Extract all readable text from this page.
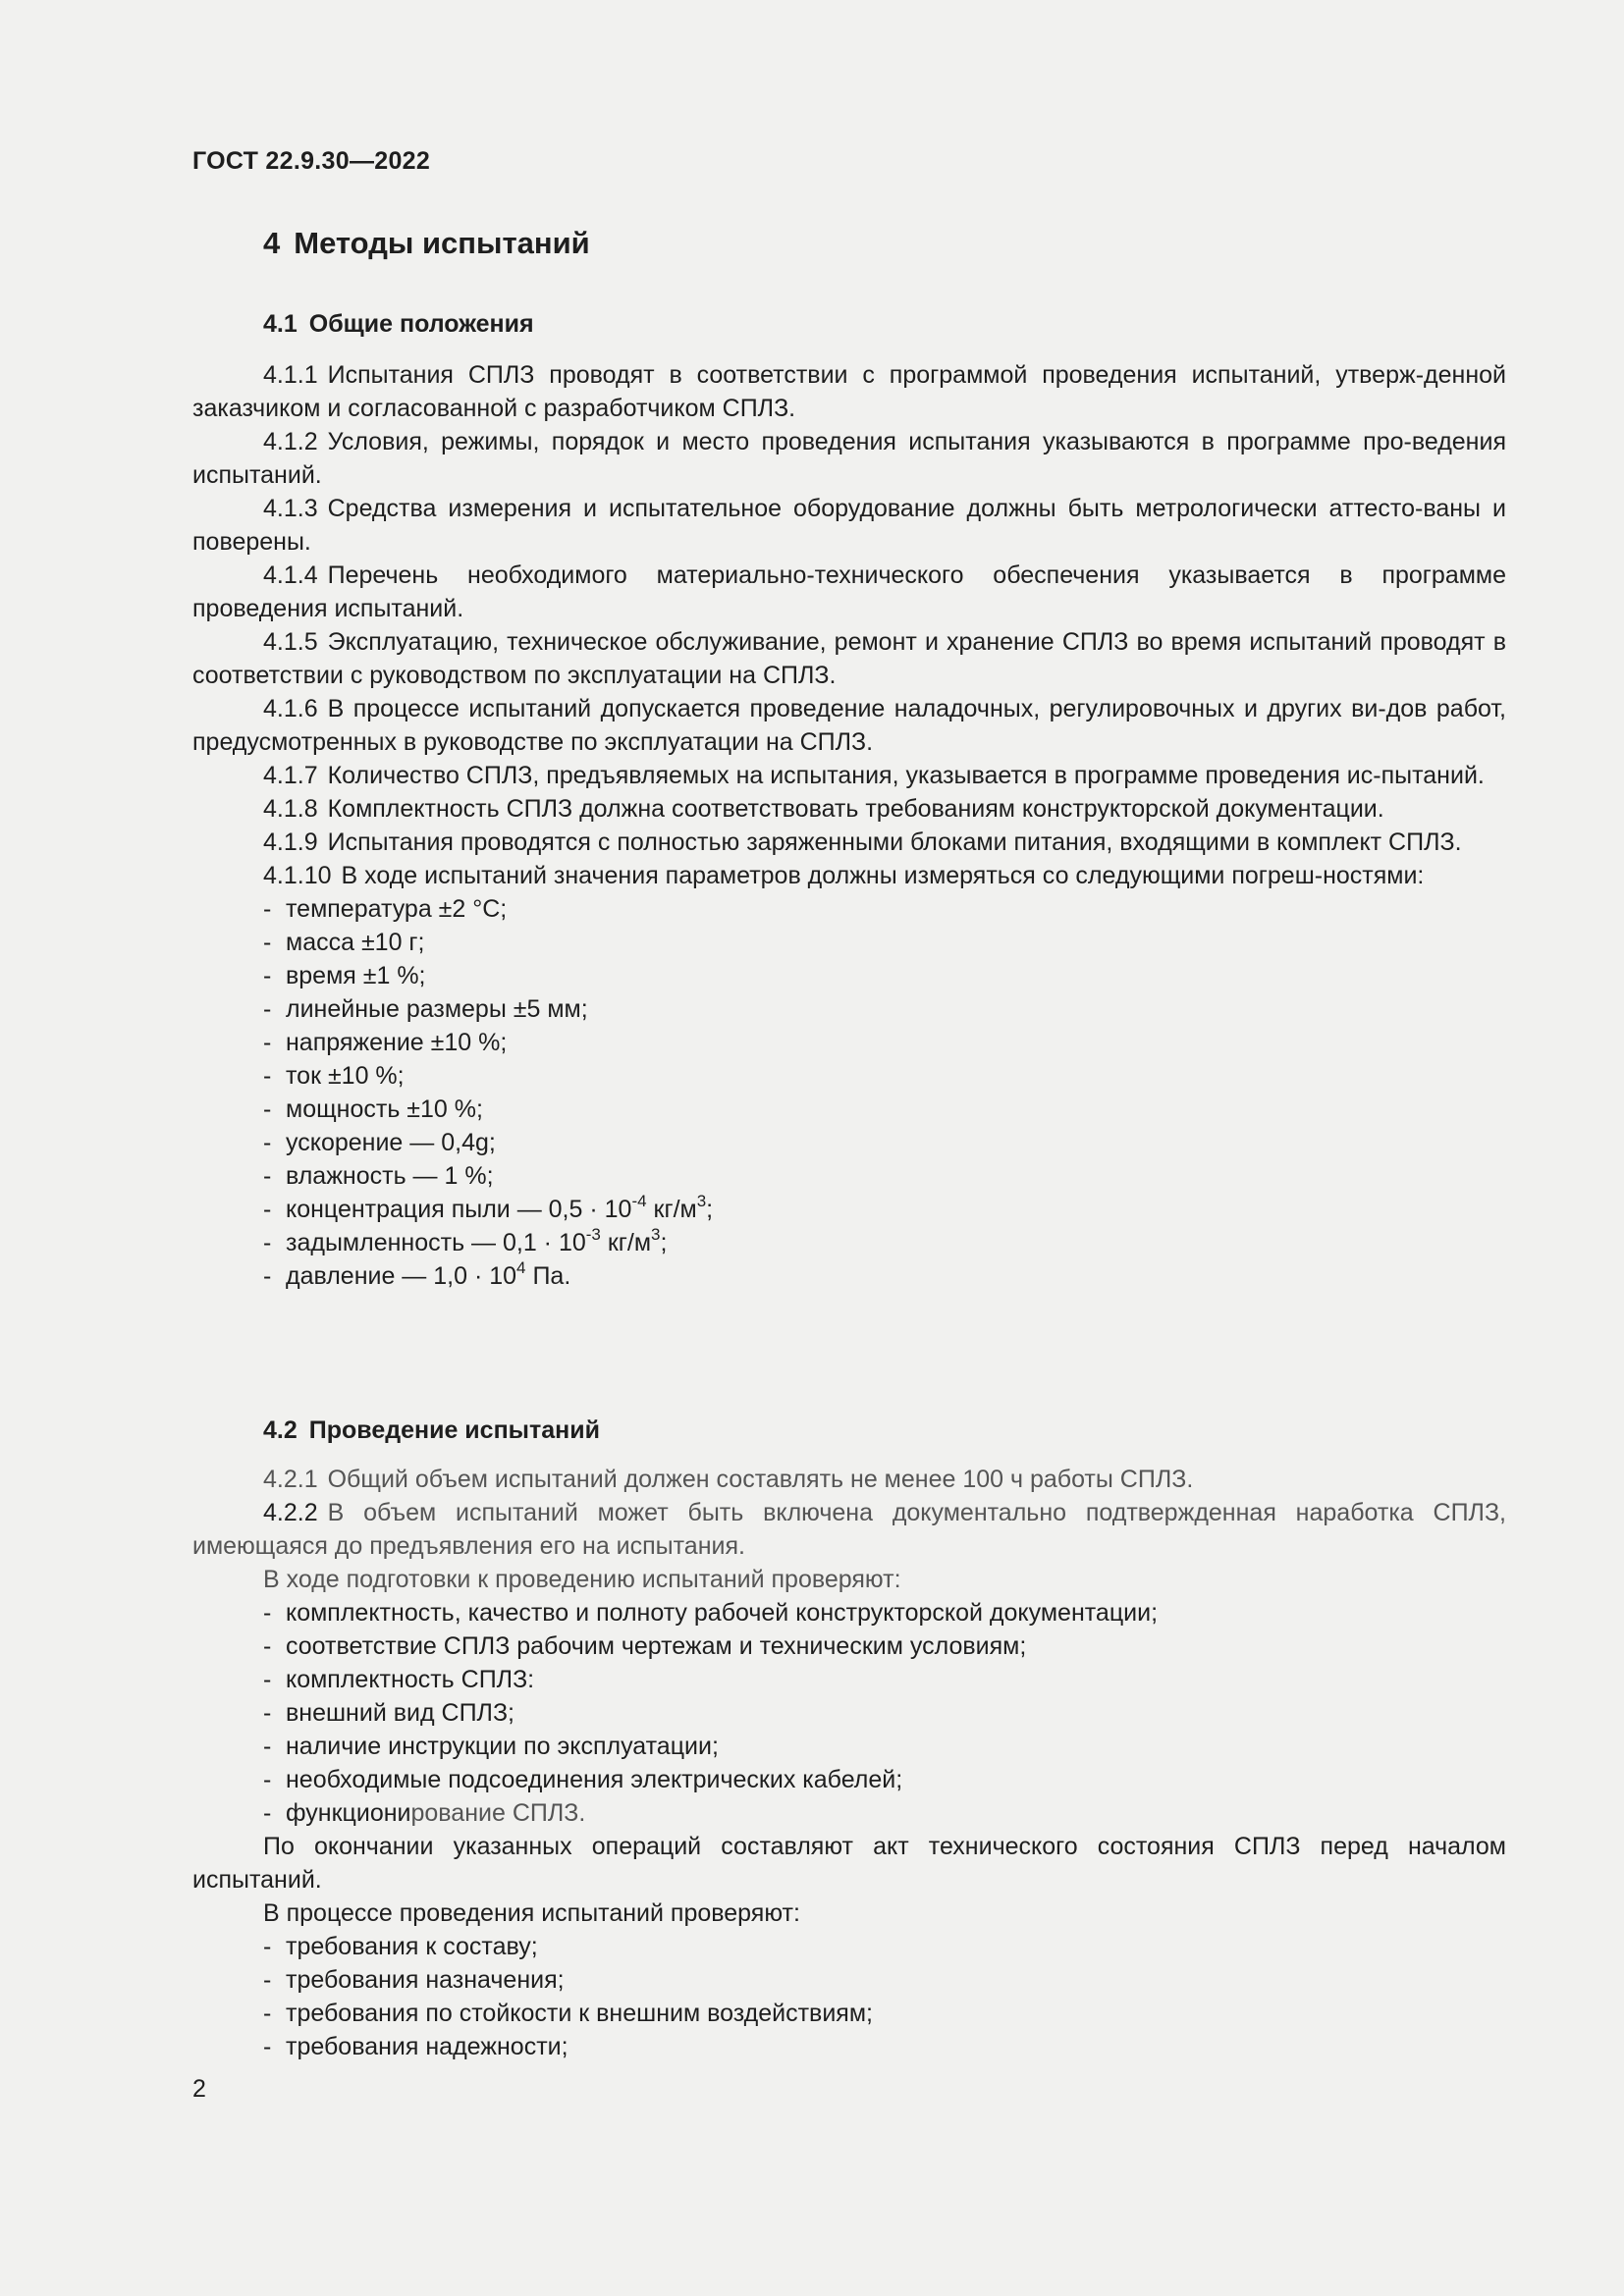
ГОСТ 22.9.30—2022
4 Методы испытаний
4.1 Общие положения

4.1.1 Испытания СПЛЗ проводят в соответствии с программой проведения испытаний, утверж-денной заказчиком и согласованной с разработчиком СПЛЗ.

4.1.2 Условия, режимы, порядок и место проведения испытания указываются в программе про-ведения испытаний.

4.1.3 Средства измерения и испытательное оборудование должны быть метрологически аттесто-ваны и поверены.

4.1.4 Перечень необходимого материально-технического обеспечения указывается в программе проведения испытаний.

4.1.5 Эксплуатацию, техническое обслуживание, ремонт и хранение СПЛЗ во время испытаний проводят в соответствии с руководством по эксплуатации на СПЛЗ.

4.1.6 В процессе испытаний допускается проведение наладочных, регулировочных и других ви-дов работ, предусмотренных в руководстве по эксплуатации на СПЛЗ.

4.1.7 Количество СПЛЗ, предъявляемых на испытания, указывается в программе проведения ис-пытаний.

4.1.8 Комплектность СПЛЗ должна соответствовать требованиям конструкторской документации.

4.1.9 Испытания проводятся с полностью заряженными блоками питания, входящими в комплект СПЛЗ.

4.1.10 В ходе испытаний значения параметров должны измеряться со следующими погреш-ностями:

- температура ±2 °С;

- масса ±10 г;

- время ±1 %;

- линейные размеры ±5 мм;

- напряжение ±10 %;

- ток ±10 %;

- мощность ±10 %;

- ускорение — 0,4g;

- влажность — 1 %;

- концентрация пыли — $0,5 \cdot 10^{-4}$ $кг/м^3$;

- задымленность — $0,1 \cdot 10^{-3}$ $кг/м^3$;

- давление — $1,0 \cdot 10^4$ Па.

4.2 Проведение испытаний

4.2.1 Общий объем испытаний должен составлять не менее 100 ч работы СПЛЗ.

4.2.2 В объем испытаний может быть включена документально подтвержденная наработка СПЛЗ, имеющаяся до предъявления его на испытания.

В ходе подготовки к проведению испытаний проверяют:

- комплектность, качество и полноту рабочей конструкторской документации;

- соответствие СПЛЗ рабочим чертежам и техническим условиям;

- комплектность СПЛЗ:

- внешний вид СПЛЗ;

- наличие инструкции по эксплуатации;

- необходимые подсоединения электрических кабелей;

- функционирование СПЛЗ.

По окончании указанных операций составляют акт технического состояния СПЛЗ перед началом испытаний.

В процессе проведения испытаний проверяют:

- требования к составу;

- требования назначения;

- требования по стойкости к внешним воздействиям;

- требования надежности;

2
